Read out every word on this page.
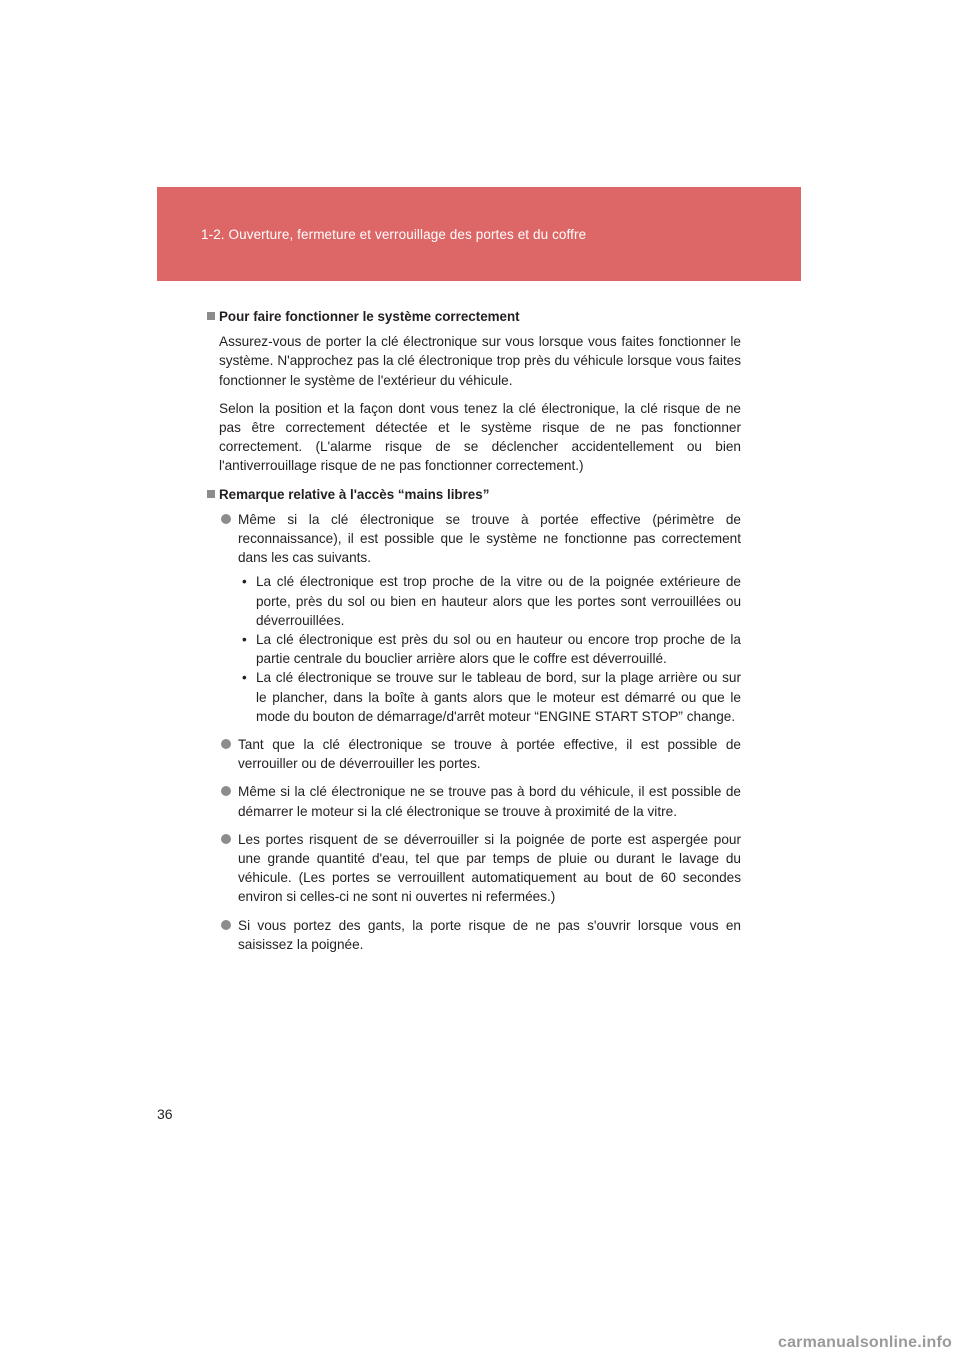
1-2. Ouverture, fermeture et verrouillage des portes et du coffre
Pour faire fonctionner le système correctement

Assurez-vous de porter la clé électronique sur vous lorsque vous faites fonctionner le système. N'approchez pas la clé électronique trop près du véhicule lorsque vous faites fonctionner le système de l'extérieur du véhicule.

Selon la position et la façon dont vous tenez la clé électronique, la clé risque de ne pas être correctement détectée et le système risque de ne pas fonctionner correctement. (L'alarme risque de se déclencher accidentellement ou bien l'antiverrouillage risque de ne pas fonctionner correctement.)

Remarque relative à l'accès “mains libres”
Même si la clé électronique se trouve à portée effective (périmètre de reconnaissance), il est possible que le système ne fonctionne pas correctement dans les cas suivants.
• La clé électronique est trop proche de la vitre ou de la poignée extérieure de porte, près du sol ou bien en hauteur alors que les portes sont verrouillées ou déverrouillées.
• La clé électronique est près du sol ou en hauteur ou encore trop proche de la partie centrale du bouclier arrière alors que le coffre est déverrouillé.
• La clé électronique se trouve sur le tableau de bord, sur la plage arrière ou sur le plancher, dans la boîte à gants alors que le moteur est démarré ou que le mode du bouton de démarrage/d'arrêt moteur “ENGINE START STOP” change.
Tant que la clé électronique se trouve à portée effective, il est possible de verrouiller ou de déverrouiller les portes.
Même si la clé électronique ne se trouve pas à bord du véhicule, il est possible de démarrer le moteur si la clé électronique se trouve à proximité de la vitre.
Les portes risquent de se déverrouiller si la poignée de porte est aspergée pour une grande quantité d'eau, tel que par temps de pluie ou durant le lavage du véhicule. (Les portes se verrouillent automatiquement au bout de 60 secondes environ si celles-ci ne sont ni ouvertes ni refermées.)
Si vous portez des gants, la porte risque de ne pas s'ouvrir lorsque vous en saisissez la poignée.
36
carmanualsonline.info
